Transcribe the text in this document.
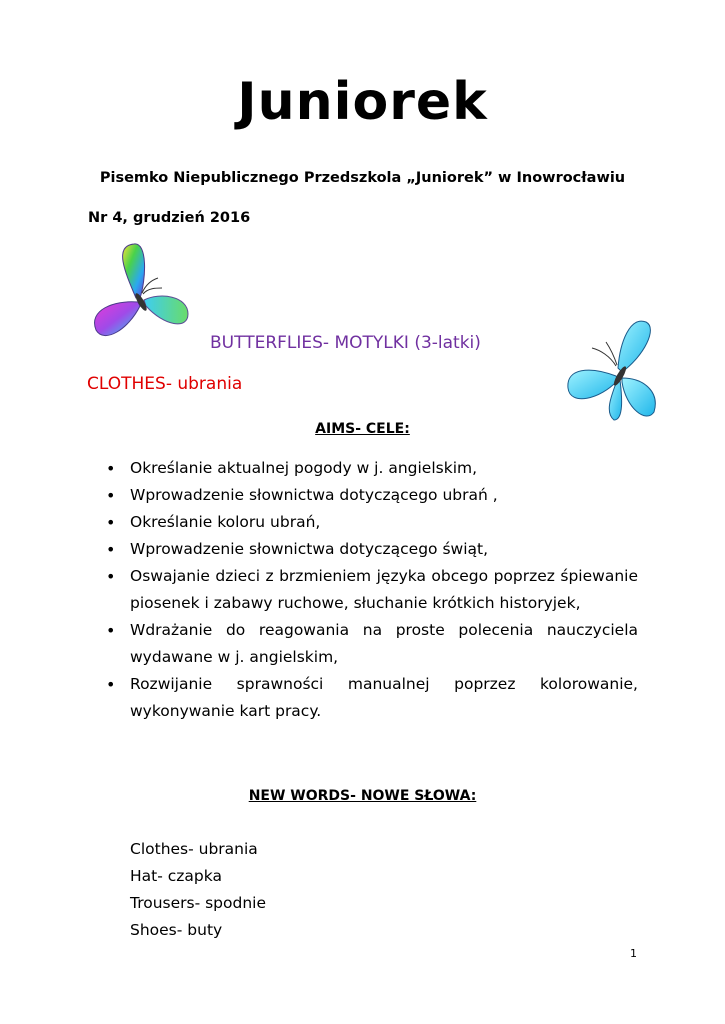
Juniorek
Pisemko Niepublicznego Przedszkola „Juniorek” w Inowrocławiu
Nr 4, grudzień 2016
BUTTERFLIES- MOTYLKI (3-latki)
CLOTHES- ubrania
AIMS- CELE:
• Określanie aktualnej pogody w j. angielskim,
• Wprowadzenie słownictwa dotyczącego ubrań ,
• Określanie koloru ubrań,
• Wprowadzenie słownictwa dotyczącego świąt,
• Oswajanie dzieci z brzmieniem języka obcego poprzez śpiewanie piosenek i zabawy ruchowe, słuchanie krótkich historyjek,
• Wdrażanie do reagowania na proste polecenia nauczyciela wydawane w j. angielskim,
• Rozwijanie sprawności manualnej poprzez kolorowanie, wykonywanie kart pracy.
NEW WORDS- NOWE SŁOWA:
Clothes- ubrania
Hat- czapka
Trousers- spodnie
Shoes- buty
1
